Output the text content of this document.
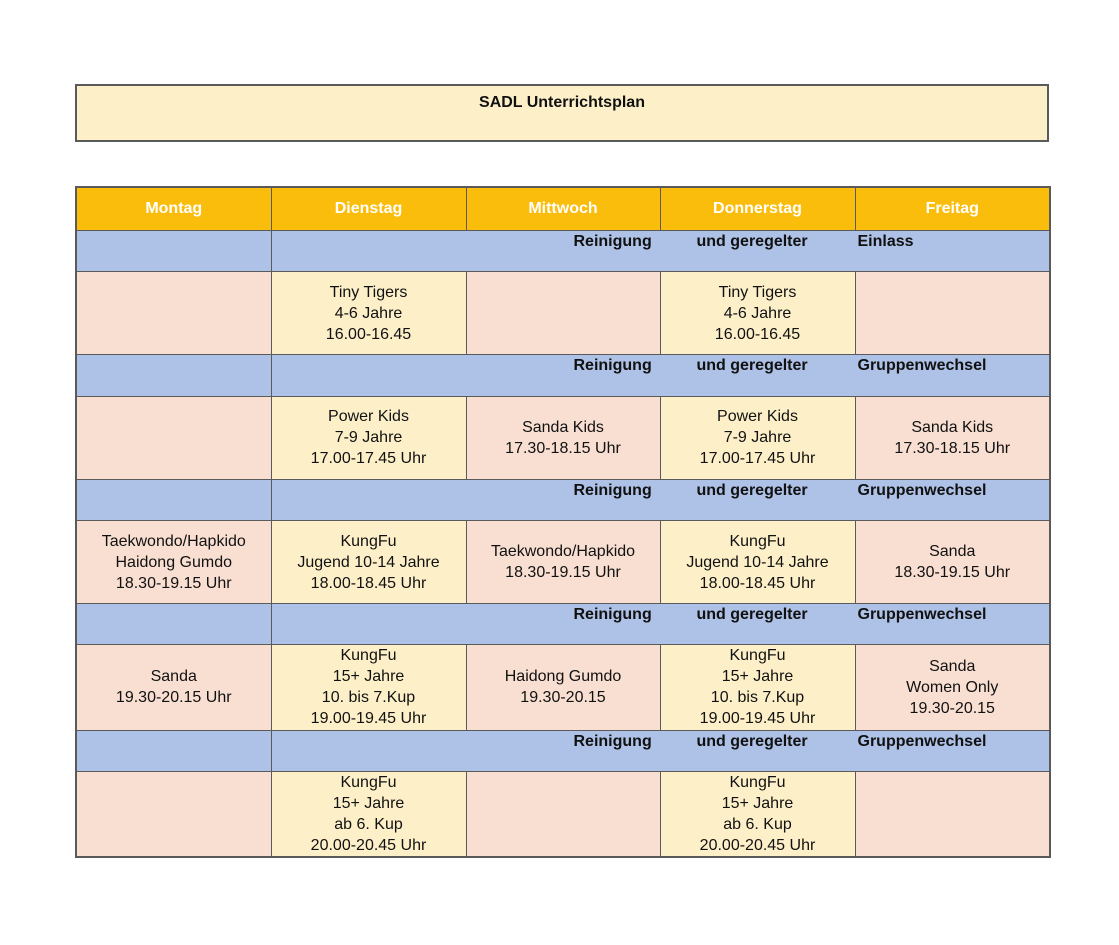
SADL Unterrichtsplan
Montag	Dienstag	Mittwoch	Donnerstag	Freitag

	Reinigung und geregelter Einlass			

	Tiny Tigers
4-6 Jahre
16.00-16.45		Tiny Tigers
4-6 Jahre
16.00-16.45	

	Reinigung und geregelter Gruppenwechsel			

	Power Kids
7-9 Jahre
17.00-17.45 Uhr	Sanda Kids
17.30-18.15 Uhr	Power Kids
7-9 Jahre
17.00-17.45 Uhr	Sanda Kids
17.30-18.15 Uhr

	Reinigung und geregelter Gruppenwechsel			

Taekwondo/Hapkido
Haidong Gumdo
18.30-19.15 Uhr	KungFu
Jugend 10-14 Jahre
18.00-18.45 Uhr	Taekwondo/Hapkido
18.30-19.15 Uhr	KungFu
Jugend 10-14 Jahre
18.00-18.45 Uhr	Sanda
18.30-19.15 Uhr

	Reinigung und geregelter Gruppenwechsel			

Sanda
19.30-20.15 Uhr	KungFu
15+ Jahre
10. bis 7.Kup
19.00-19.45 Uhr	Haidong Gumdo
19.30-20.15	KungFu
15+ Jahre
10. bis 7.Kup
19.00-19.45 Uhr	Sanda
Women Only
19.30-20.15

	Reinigung und geregelter Gruppenwechsel			

	KungFu
15+ Jahre
ab 6. Kup
20.00-20.45 Uhr		KungFu
15+ Jahre
ab 6. Kup
20.00-20.45 Uhr	
